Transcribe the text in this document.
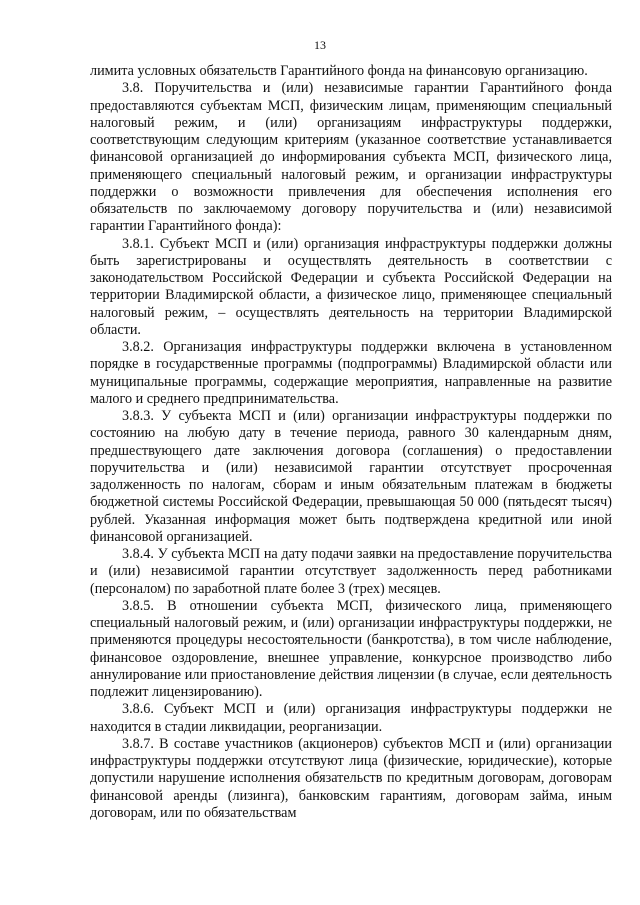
13

лимита условных обязательств Гарантийного фонда на финансовую организацию.

3.8. Поручительства и (или) независимые гарантии Гарантийного фонда предоставляются субъектам МСП, физическим лицам, применяющим специальный налоговый режим, и (или) организациям инфраструктуры поддержки, соответствующим следующим критериям (указанное соответствие устанавливается финансовой организацией до информирования субъекта МСП, физического лица, применяющего специальный налоговый режим, и организации инфраструктуры поддержки о возможности привлечения для обеспечения исполнения его обязательств по заключаемому договору поручительства и (или) независимой гарантии Гарантийного фонда):

3.8.1. Субъект МСП и (или) организация инфраструктуры поддержки должны быть зарегистрированы и осуществлять деятельность в соответствии с законодательством Российской Федерации и субъекта Российской Федерации на территории Владимирской области, а физическое лицо, применяющее специальный налоговый режим, – осуществлять деятельность на территории Владимирской области.

3.8.2. Организация инфраструктуры поддержки включена в установленном порядке в государственные программы (подпрограммы) Владимирской области или муниципальные программы, содержащие мероприятия, направленные на развитие малого и среднего предпринимательства.

3.8.3. У субъекта МСП и (или) организации инфраструктуры поддержки по состоянию на любую дату в течение периода, равного 30 календарным дням, предшествующего дате заключения договора (соглашения) о предоставлении поручительства и (или) независимой гарантии отсутствует просроченная задолженность по налогам, сборам и иным обязательным платежам в бюджеты бюджетной системы Российской Федерации, превышающая 50 000 (пятьдесят тысяч) рублей. Указанная информация может быть подтверждена кредитной или иной финансовой организацией.

3.8.4. У субъекта МСП на дату подачи заявки на предоставление поручительства и (или) независимой гарантии отсутствует задолженность перед работниками (персоналом) по заработной плате более 3 (трех) месяцев.

3.8.5. В отношении субъекта МСП, физического лица, применяющего специальный налоговый режим, и (или) организации инфраструктуры поддержки, не применяются процедуры несостоятельности (банкротства), в том числе наблюдение, финансовое оздоровление, внешнее управление, конкурсное производство либо аннулирование или приостановление действия лицензии (в случае, если деятельность подлежит лицензированию).

3.8.6. Субъект МСП и (или) организация инфраструктуры поддержки не находится в стадии ликвидации, реорганизации.

3.8.7. В составе участников (акционеров) субъектов МСП и (или) организации инфраструктуры поддержки отсутствуют лица (физические, юридические), которые допустили нарушение исполнения обязательств по кредитным договорам, договорам финансовой аренды (лизинга), банковским гарантиям, договорам займа, иным договорам, или по обязательствам
